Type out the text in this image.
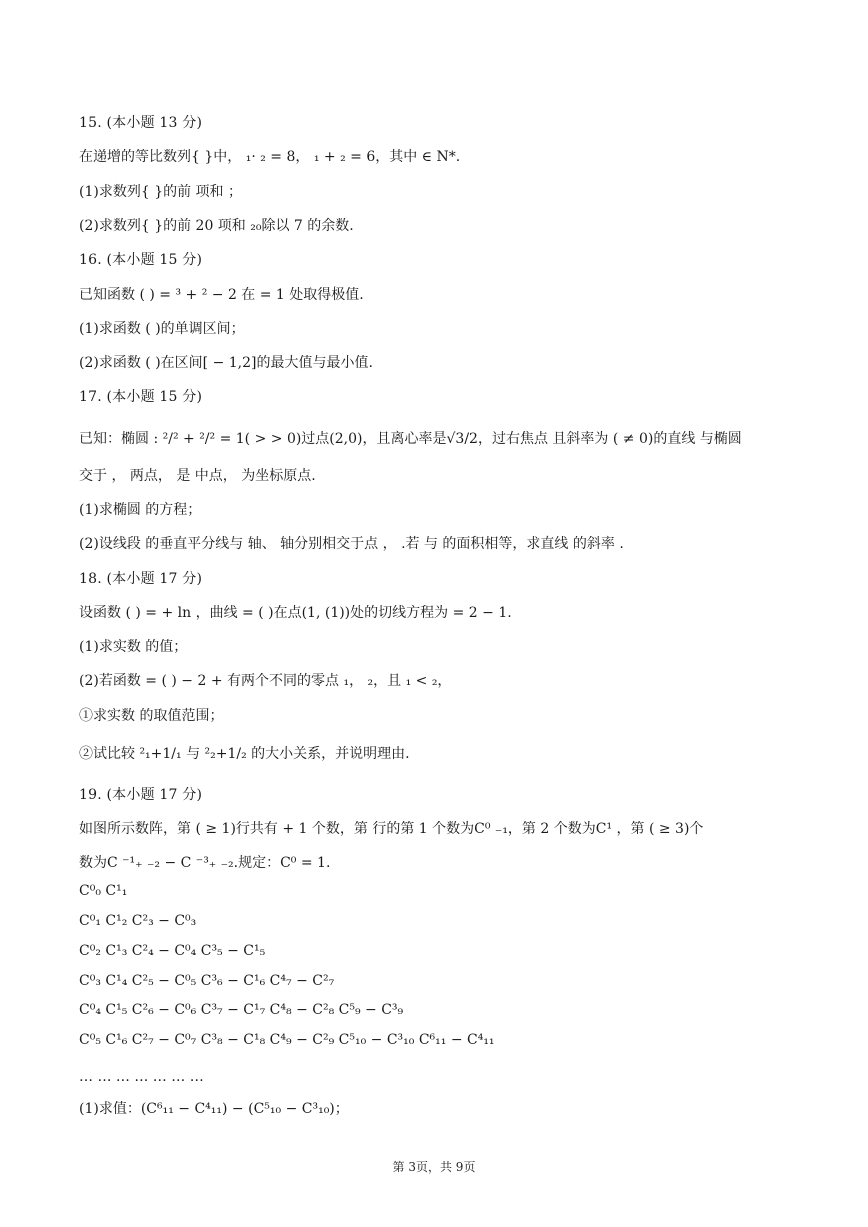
15. (本小题 13 分)
在递增的等比数列{ }中， ₁· ₂ = 8， ₁ + ₂ = 6，其中 ∈ N*.
(1)求数列{ }的前 项和 ；
(2)求数列{ }的前 20 项和 ₂₀除以 7 的余数.
16. (本小题 15 分)
已知函数 ( ) = ³ + ² − 2 在 = 1 处取得极值.
(1)求函数 ( )的单调区间；
(2)求函数 ( )在区间[ − 1,2]的最大值与最小值.
17. (本小题 15 分)
已知：椭圆 : ²/² + ²/² = 1( > > 0)过点(2,0)，且离心率是√3/2，过右焦点 且斜率为 ( ≠ 0)的直线 与椭圆
交于 ， 两点， 是 中点， 为坐标原点.
(1)求椭圆 的方程；
(2)设线段 的垂直平分线与 轴、 轴分别相交于点 ， .若 与 的面积相等，求直线 的斜率 .
18. (本小题 17 分)
设函数 ( ) = + ln ，曲线 = ( )在点(1, (1))处的切线方程为 = 2 − 1.
(1)求实数 的值；
(2)若函数 = ( ) − 2 + 有两个不同的零点 ₁， ₂，且 ₁ < ₂，
①求实数 的取值范围；
②试比较 ²₁+1/₁ 与 ²₂+1/₂ 的大小关系，并说明理由.
19. (本小题 17 分)
如图所示数阵，第 ( ≥ 1)行共有 + 1 个数，第 行的第 1 个数为C⁰ ₋₁，第 2 个数为C¹ ，第 ( ≥ 3)个
数为C ⁻¹₊ ₋₂ − C ⁻³₊ ₋₂.规定：C⁰ = 1.
C⁰₀ C¹₁
C⁰₁ C¹₂ C²₃ − C⁰₃
C⁰₂ C¹₃ C²₄ − C⁰₄ C³₅ − C¹₅
C⁰₃ C¹₄ C²₅ − C⁰₅ C³₆ − C¹₆ C⁴₇ − C²₇
C⁰₄ C¹₅ C²₆ − C⁰₆ C³₇ − C¹₇ C⁴₈ − C²₈ C⁵₉ − C³₉
C⁰₅ C¹₆ C²₇ − C⁰₇ C³₈ − C¹₈ C⁴₉ − C²₉ C⁵₁₀ − C³₁₀ C⁶₁₁ − C⁴₁₁
… … … … … … …
(1)求值：(C⁶₁₁ − C⁴₁₁) − (C⁵₁₀ − C³₁₀)；
第 3页，共 9页
